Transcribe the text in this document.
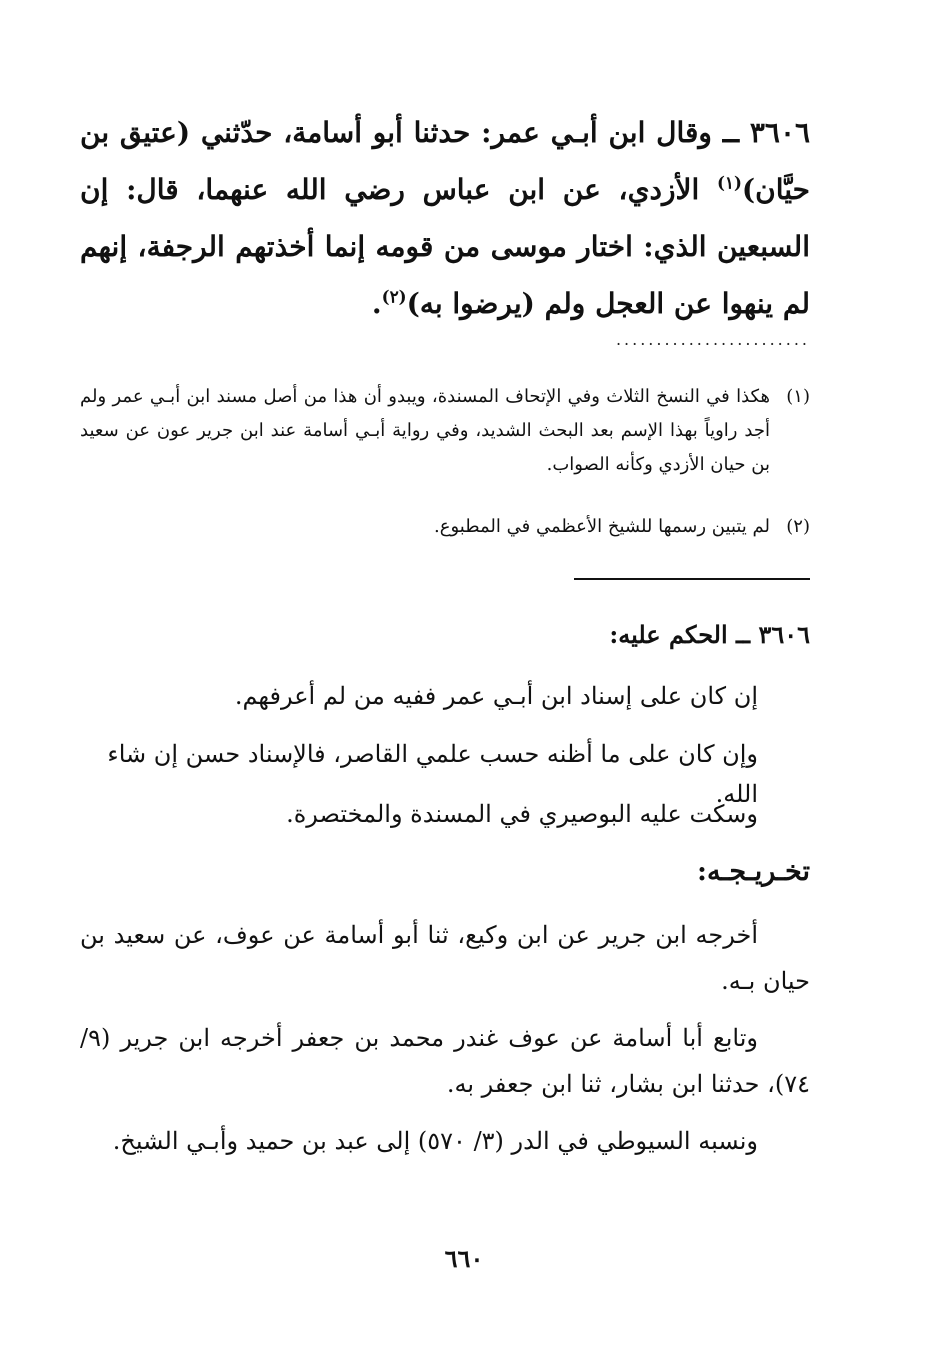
٣٦٠٦ ــ وقال ابن أبـي عمر: حدثنا أبو أسامة، حدّثني (عتيق بن حيَّان)$^{(١)}$ الأزدي، عن ابن عباس رضي الله عنهما، قال: إن السبعين الذي: اختار موسى من قومه إنما أخذتهم الرجفة، إنهم لم ينهوا عن العجل ولم (يرضوا به)$^{(٢)}$.

........................

(١)
هكذا في النسخ الثلاث وفي الإتحاف المسندة، ويبدو أن هذا من أصل مسند ابن أبـي عمر ولم أجد راوياً بهذا الإسم بعد البحث الشديد، وفي رواية أبـي أسامة عند ابن جرير عون عن سعيد بن حيان الأزدي وكأنه الصواب.

(٢)
لم يتبين رسمها للشيخ الأعظمي في المطبوع.

٣٦٠٦ ــ الحكم عليه:

إن كان على إسناد ابن أبـي عمر ففيه من لم أعرفهم.

وإن كان على ما أظنه حسب علمي القاصر، فالإسناد حسن إن شاء الله.

وسكت عليه البوصيري في المسندة والمختصرة.

تخـريـجـه:

أخرجه ابن جرير عن ابن وكيع، ثنا أبو أسامة عن عوف، عن سعيد بن حيان بـه.

وتابع أبا أسامة عن عوف غندر محمد بن جعفر أخرجه ابن جرير (٩/ ٧٤)، حدثنا ابن بشار، ثنا ابن جعفر به.

ونسبه السيوطي في الدر (٣/ ٥٧٠) إلى عبد بن حميد وأبـي الشيخ.

٦٦٠
